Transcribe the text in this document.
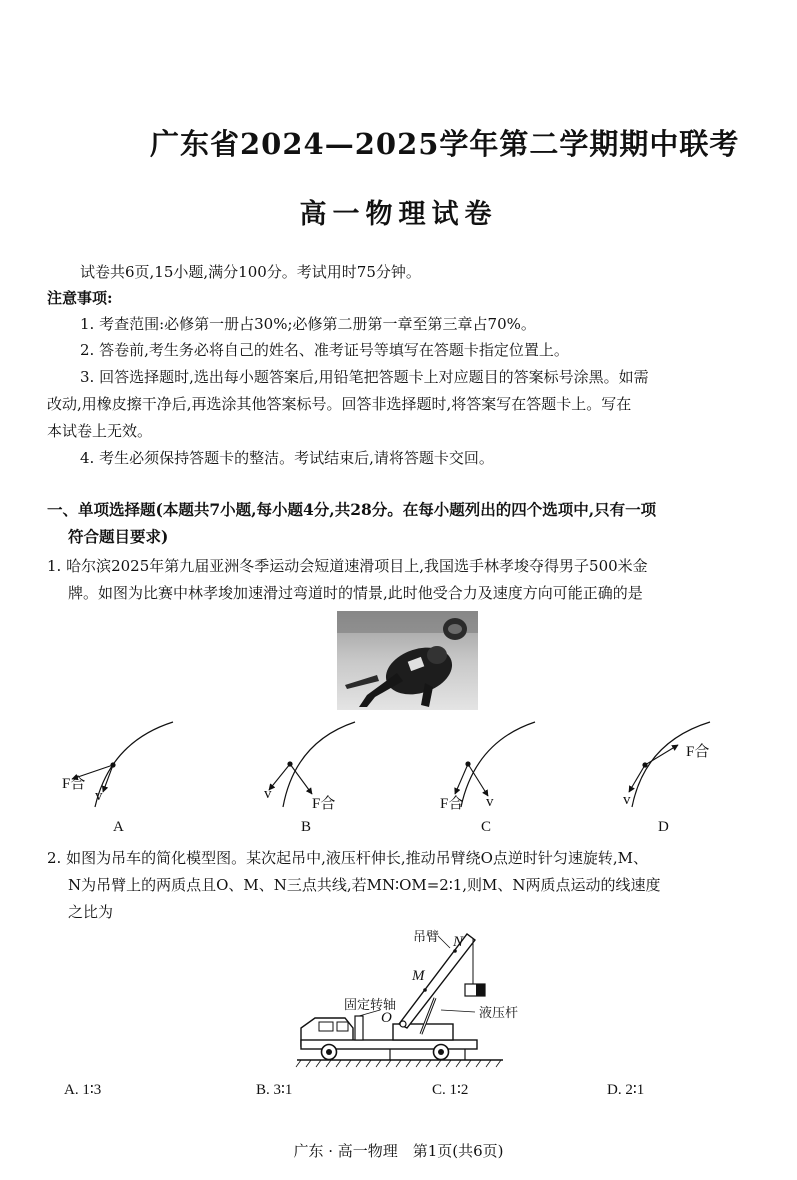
广东省2024—2025学年第二学期期中联考
高一物理试卷
试卷共6页,15小题,满分100分。考试用时75分钟。
注意事项:
1. 考查范围:必修第一册占30%;必修第二册第一章至第三章占70%。
2. 答卷前,考生务必将自己的姓名、准考证号等填写在答题卡指定位置上。
3. 回答选择题时,选出每小题答案后,用铅笔把答题卡上对应题目的答案标号涂黑。如需
改动,用橡皮擦干净后,再选涂其他答案标号。回答非选择题时,将答案写在答题卡上。写在
本试卷上无效。
4. 考生必须保持答题卡的整洁。考试结束后,请将答题卡交回。
一、单项选择题(本题共7小题,每小题4分,共28分。在每小题列出的四个选项中,只有一项
符合题目要求)
1. 哈尔滨2025年第九届亚洲冬季运动会短道速滑项目上,我国选手林孝埈夺得男子500米金
牌。如图为比赛中林孝埈加速滑过弯道时的情景,此时他受合力及速度方向可能正确的是
F合
v	v
F合	F合 v
F合
v
A	B	C	D
2. 如图为吊车的简化模型图。某次起吊中,液压杆伸长,推动吊臂绕O点逆时针匀速旋转,M、
N为吊臂上的两质点且O、M、N三点共线,若MN∶OM=2∶1,则M、N两质点运动的线速度
之比为
吊臂 N
M
固定转轴
O	液压杆
A. 1∶3	B. 3∶1	C. 1∶2	D. 2∶1
广东 · 高一物理　第1页(共6页)
